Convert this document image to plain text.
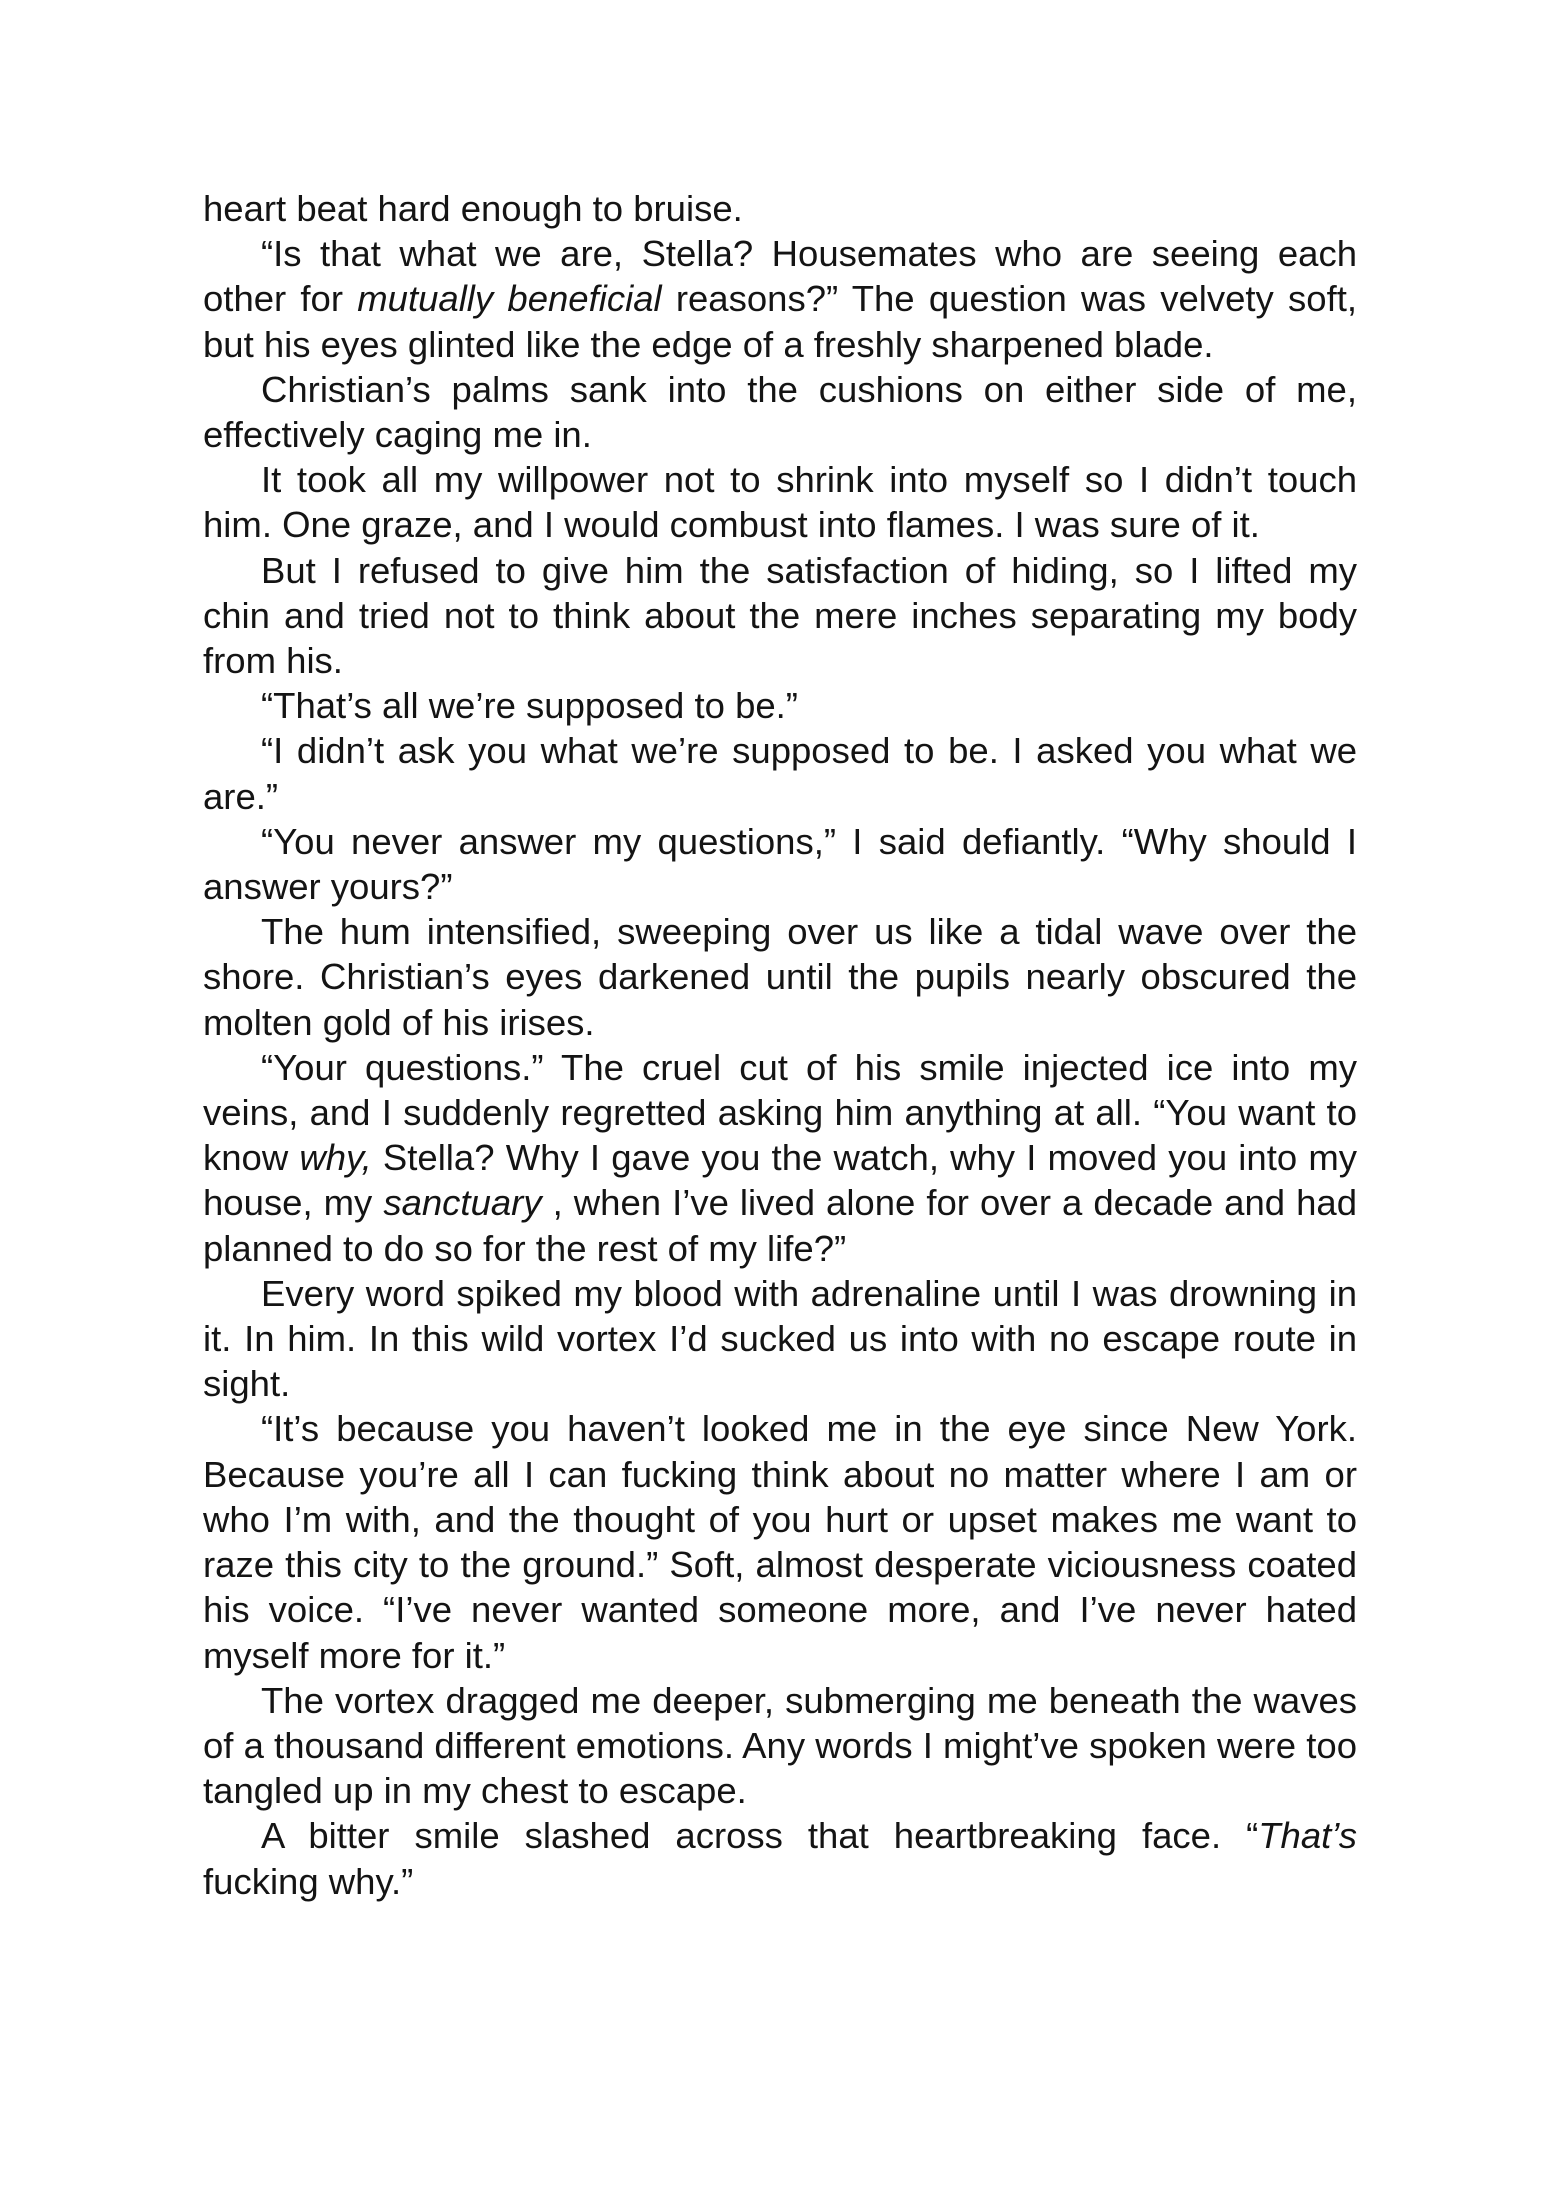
heart beat hard enough to bruise.

“Is that what we are, Stella? Housemates who are seeing each other for mutually beneficial reasons?” The question was velvety soft, but his eyes glinted like the edge of a freshly sharpened blade.

Christian’s palms sank into the cushions on either side of me, effectively caging me in.

It took all my willpower not to shrink into myself so I didn’t touch him. One graze, and I would combust into flames. I was sure of it.

But I refused to give him the satisfaction of hiding, so I lifted my chin and tried not to think about the mere inches separating my body from his.

“That’s all we’re supposed to be.”

“I didn’t ask you what we’re supposed to be. I asked you what we are.”

“You never answer my questions,” I said defiantly. “Why should I answer yours?”

The hum intensified, sweeping over us like a tidal wave over the shore. Christian’s eyes darkened until the pupils nearly obscured the molten gold of his irises.

“Your questions.” The cruel cut of his smile injected ice into my veins, and I suddenly regretted asking him anything at all. “You want to know why, Stella? Why I gave you the watch, why I moved you into my house, my sanctuary , when I’ve lived alone for over a decade and had planned to do so for the rest of my life?”

Every word spiked my blood with adrenaline until I was drowning in it. In him. In this wild vortex I’d sucked us into with no escape route in sight.

“It’s because you haven’t looked me in the eye since New York. Because you’re all I can fucking think about no matter where I am or who I’m with, and the thought of you hurt or upset makes me want to raze this city to the ground.” Soft, almost desperate viciousness coated his voice. “I’ve never wanted someone more, and I’ve never hated myself more for it.”

The vortex dragged me deeper, submerging me beneath the waves of a thousand different emotions. Any words I might’ve spoken were too tangled up in my chest to escape.

A bitter smile slashed across that heartbreaking face. “That’s fucking why.”
